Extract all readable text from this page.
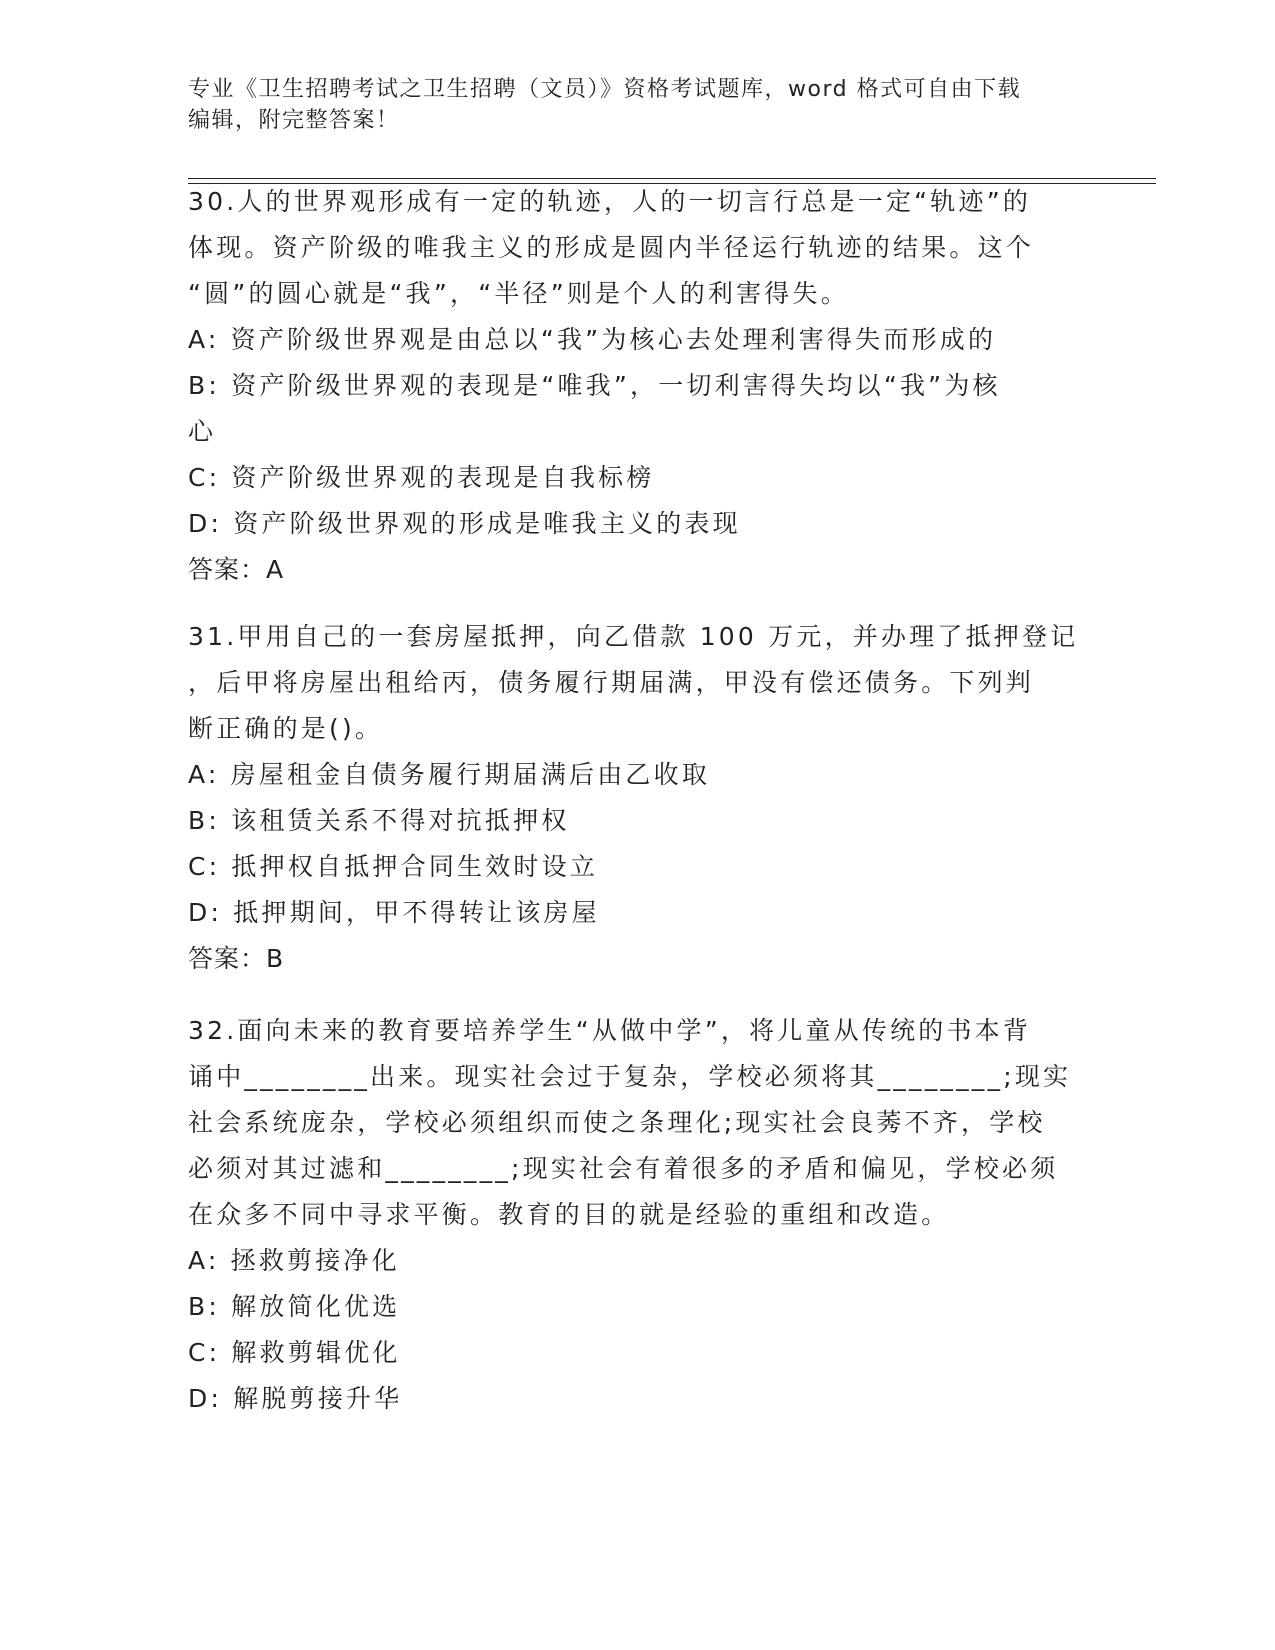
专业《卫生招聘考试之卫生招聘（文员）》资格考试题库，word 格式可自由下载
编辑，附完整答案！
30.人的世界观形成有一定的轨迹，人的一切言行总是一定“轨迹”的
体现。资产阶级的唯我主义的形成是圆内半径运行轨迹的结果。这个
“圆”的圆心就是“我”，“半径”则是个人的利害得失。
A: 资产阶级世界观是由总以“我”为核心去处理利害得失而形成的
B: 资产阶级世界观的表现是“唯我”，一切利害得失均以“我”为核
心
C: 资产阶级世界观的表现是自我标榜
D: 资产阶级世界观的形成是唯我主义的表现
答案：A
31.甲用自己的一套房屋抵押，向乙借款 100 万元，并办理了抵押登记
，后甲将房屋出租给丙，债务履行期届满，甲没有偿还债务。下列判
断正确的是()。
A: 房屋租金自债务履行期届满后由乙收取
B: 该租赁关系不得对抗抵押权
C: 抵押权自抵押合同生效时设立
D: 抵押期间，甲不得转让该房屋
答案：B
32.面向未来的教育要培养学生“从做中学”，将儿童从传统的书本背
诵中________出来。现实社会过于复杂，学校必须将其________;现实
社会系统庞杂，学校必须组织而使之条理化;现实社会良莠不齐，学校
必须对其过滤和________;现实社会有着很多的矛盾和偏见，学校必须
在众多不同中寻求平衡。教育的目的就是经验的重组和改造。
A: 拯救剪接净化
B: 解放简化优选
C: 解救剪辑优化
D: 解脱剪接升华
